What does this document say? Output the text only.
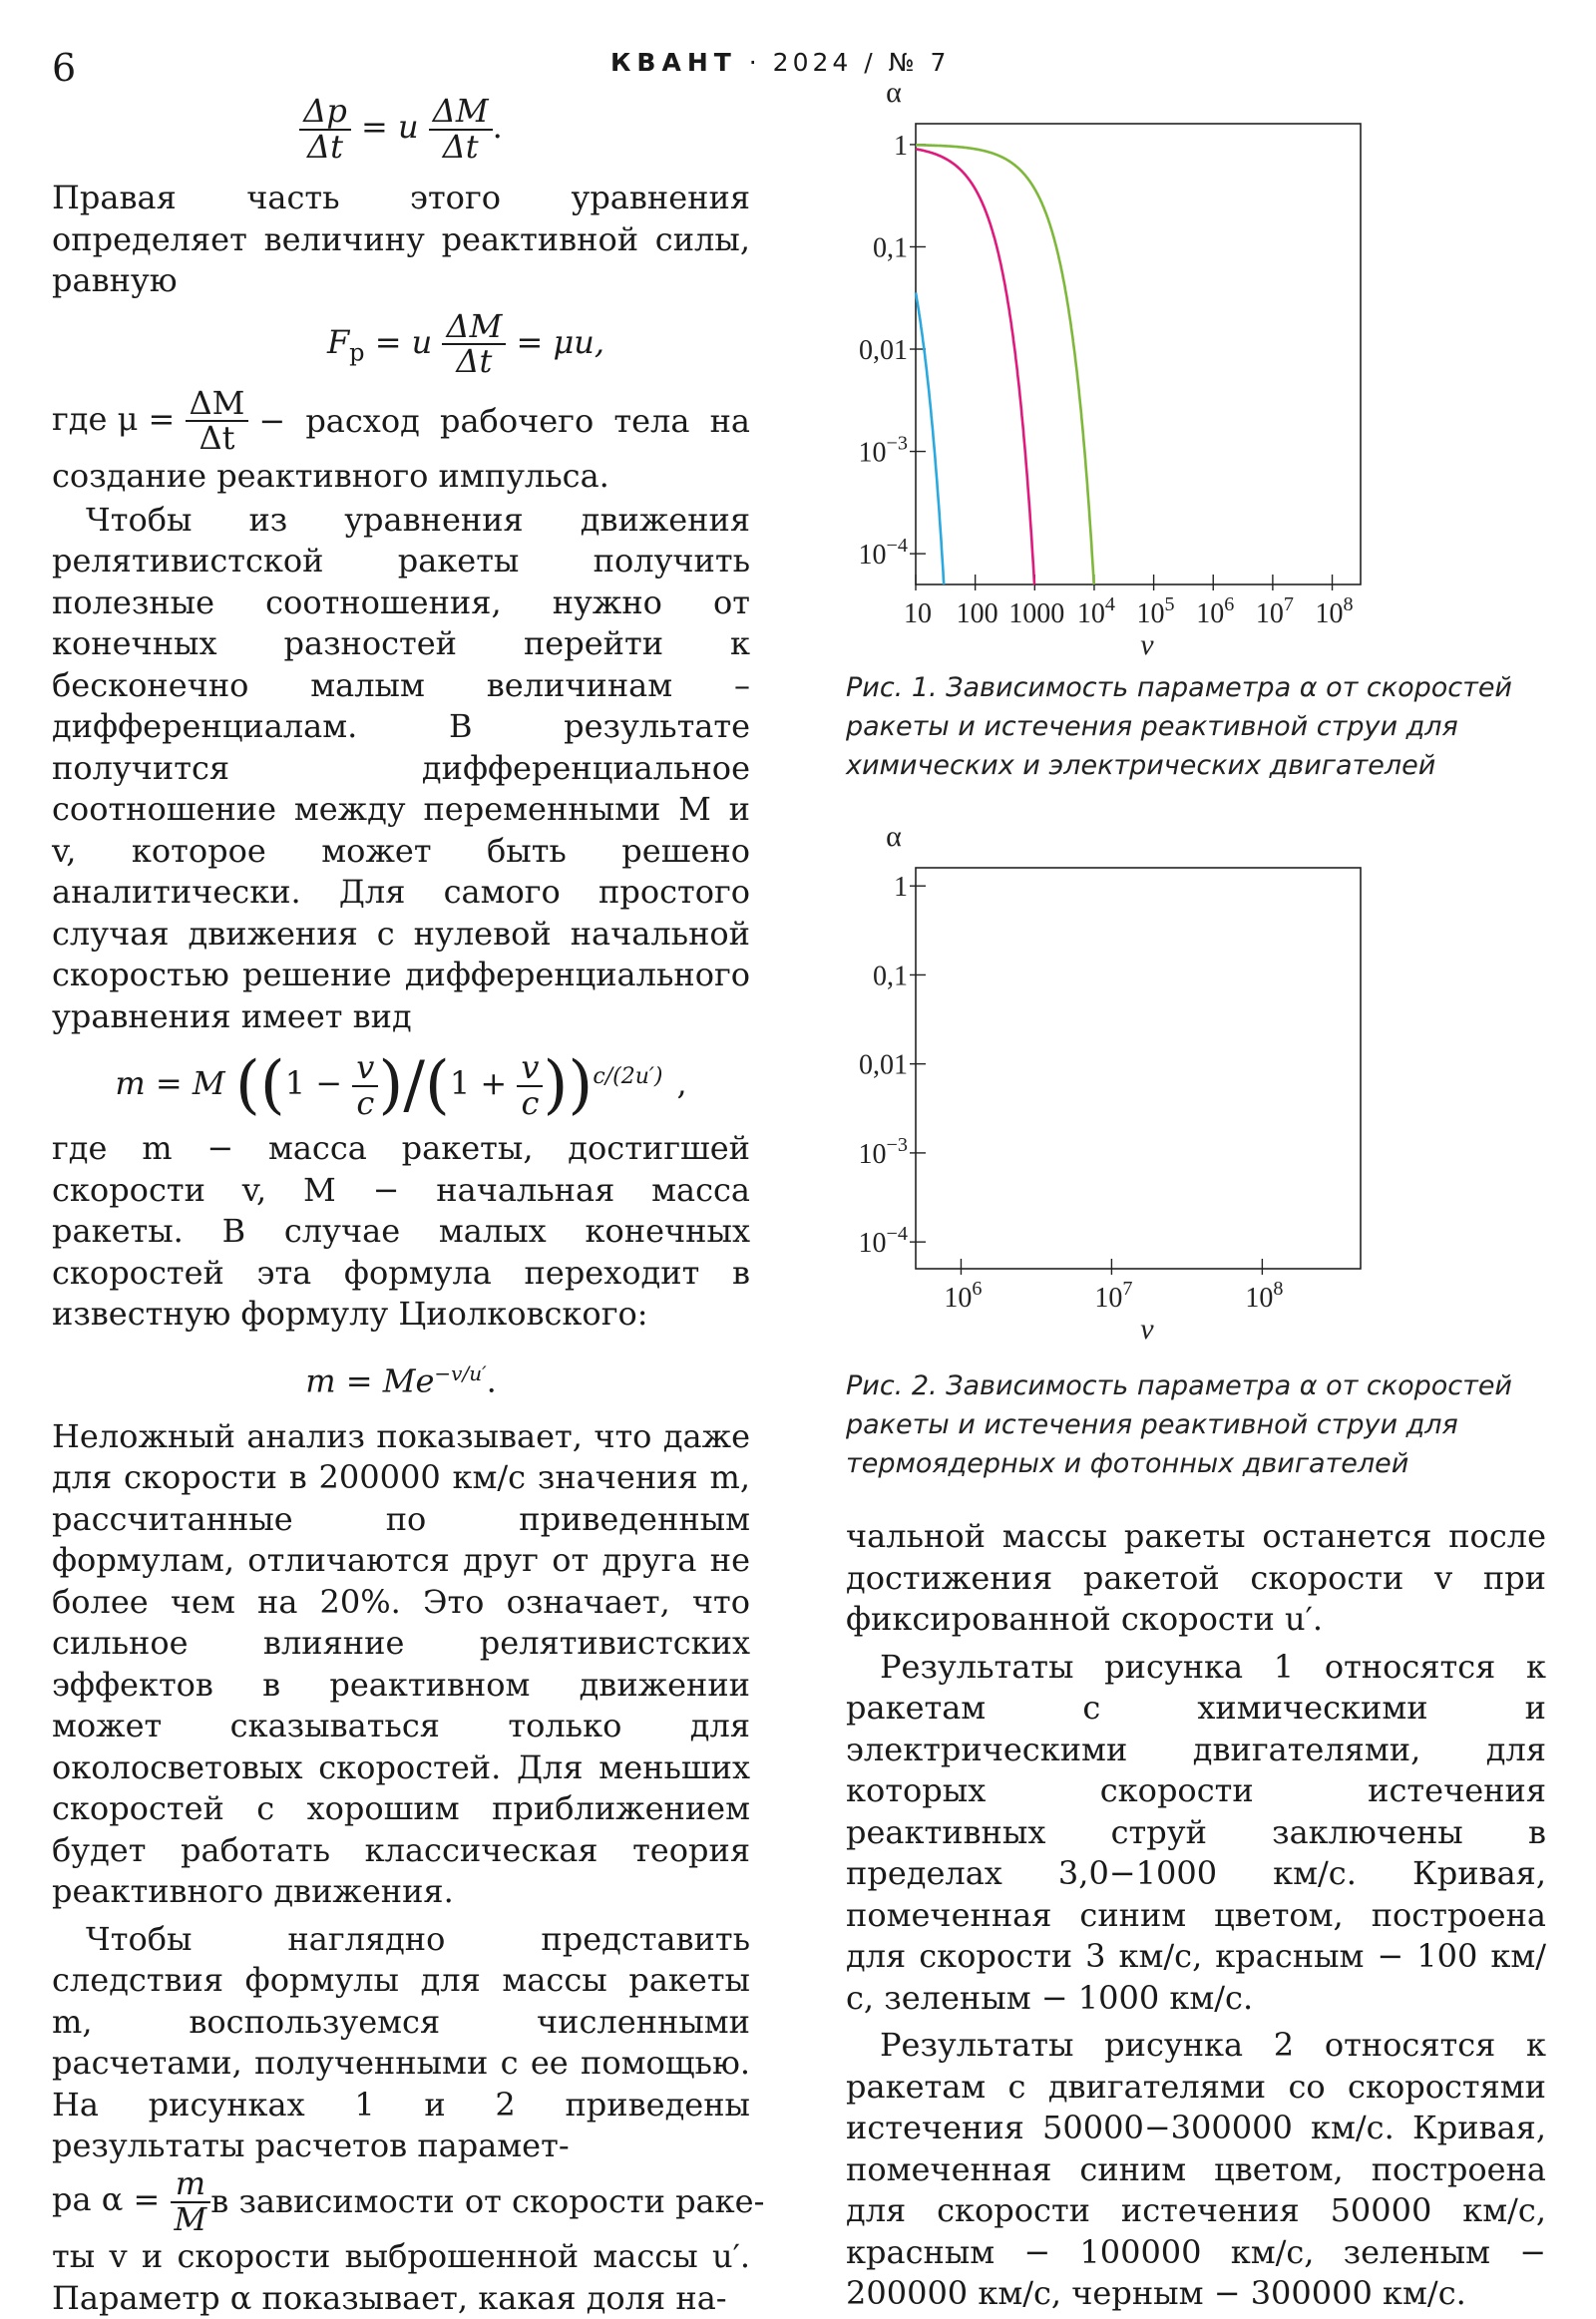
6	КВАНТ · 2024 / № 7
$\frac{\Delta p}{\Delta t} = u \frac{\Delta M}{\Delta t}$ .

Правая часть этого уравнения определяет величину реактивной силы, равную

$F_р = u \frac{\Delta M}{\Delta t} = \mu u$,
где $\mu = \frac{\Delta M}{\Delta t}$ − расход рабочего тела на

создание реактивного импульса.

Чтобы из уравнения движения релятивистской ракеты получить полезные соотношения, нужно от конечных разностей перейти к бесконечно малым величинам – дифференциалам. В результате получится дифференциальное соотношение между переменными M и v, которое может быть решено аналитически. Для самого простого случая движения с нулевой начальной скоростью решение дифференциального уравнения имеет вид

m = M $((1 - \frac{v}{c} )/(1 + \frac{v}{c} ))^{c/(2u')}$ ,

где m − масса ракеты, достигшей скорости v, M − начальная масса ракеты. В случае малых конечных скоростей эта формула переходит в известную формулу Циолковского:

$m = Me^{-v/u'}$.

Неложный анализ показывает, что даже для скорости в 200000 км/с значения m, рассчитанные по приведенным формулам, отличаются друг от друга не более чем на 20%. Это означает, что сильное влияние релятивистских эффектов в реактивном движении может сказываться только для околосветовых скоростей. Для меньших скоростей с хорошим приближением будет работать классическая теория реактивного движения.

Чтобы наглядно представить следствия формулы для массы ракеты m, воспользуемся численными расчетами, полученными с ее помощью. На рисунках 1 и 2 приведены результаты расчетов парамет-

ра $\alpha = \frac{m}{M}$ в зависимости от скорости раке-

ты v и скорости выброшенной массы u′. Параметр α показывает, какая доля на-

1
0,1
0,01
$10^{-3}$
$10^{-4}$
10 100 1000 $10^4$ $10^5$ $10^6$ $10^7$ $10^8$
α
v
Рис. 1. Зависимость параметра α от скоростей ракеты и истечения реактивной струи для химических и электрических двигателей
1
0,1
0,01
$10^{-3}$
$10^{-4}$
$10^6$	$10^7$	$10^8$
α
v
Рис. 2. Зависимость параметра α от скоростей ракеты и истечения реактивной струи для термоядерных и фотонных двигателей

чальной массы ракеты останется после достижения ракетой скорости v при фиксированной скорости u′.

Результаты рисунка 1 относятся к ракетам с химическими и электрическими двигателями, для которых скорости истечения реактивных струй заключены в пределах 3,0−1000 км/с. Кривая, помеченная синим цветом, построена для скорости 3 км/с, красным − 100 км/с, зеленым − 1000 км/с.

Результаты рисунка 2 относятся к ракетам с двигателями со скоростями истечения 50000−300000 км/с. Кривая, помеченная синим цветом, построена для скорости истечения 50000 км/с, красным − 100000 км/с, зеленым − 200000 км/с, черным − 300000 км/с.
